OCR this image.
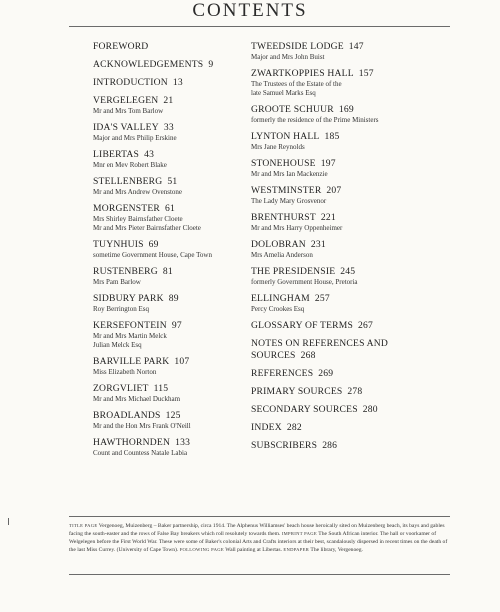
CONTENTS
FOREWORD
ACKNOWLEDGEMENTS 9
INTRODUCTION 13
VERGELEGEN 21
Mr and Mrs Tom Barlow
IDA'S VALLEY 33
Major and Mrs Philip Erskine
LIBERTAS 43
Mnr en Mev Robert Blake
STELLENBERG 51
Mr and Mrs Andrew Ovenstone
MORGENSTER 61
Mrs Shirley Bairnsfather Cloete
Mr and Mrs Pieter Bairnsfather Cloete
TUYNHUIS 69
sometime Government House, Cape Town
RUSTENBERG 81
Mrs Pam Barlow
SIDBURY PARK 89
Roy Berrington Esq
KERSEFONTEIN 97
Mr and Mrs Martin Melck
Julian Melck Esq
BARVILLE PARK 107
Miss Elizabeth Norton
ZORGVLIET 115
Mr and Mrs Michael Duckham
BROADLANDS 125
Mr and the Hon Mrs Frank O'Neill
HAWTHORNDEN 133
Count and Countess Natale Labia
TWEEDSIDE LODGE 147
Major and Mrs John Buist
ZWARTKOPPIES HALL 157
The Trustees of the Estate of the
late Samuel Marks Esq
GROOTE SCHUUR 169
formerly the residence of the Prime Ministers
LYNTON HALL 185
Mrs Jane Reynolds
STONEHOUSE 197
Mr and Mrs Ian Mackenzie
WESTMINSTER 207
The Lady Mary Grosvenor
BRENTHURST 221
Mr and Mrs Harry Oppenheimer
DOLOBRAN 231
Mrs Amelia Anderson
THE PRESIDENSIE 245
formerly Government House, Pretoria
ELLINGHAM 257
Percy Crookes Esq
GLOSSARY OF TERMS 267
NOTES ON REFERENCES AND
SOURCES 268
REFERENCES 269
PRIMARY SOURCES 278
SECONDARY SOURCES 280
INDEX 282
SUBSCRIBERS 286
TITLE PAGE Vergenoeg, Muizenberg – Baker partnership, circa 1914. The Alphenus Williamses' beach house heroically sited on Muizenberg beach, its bays and gables facing the south-easter and the rows of False Bay breakers which roll resolutely towards them. IMPRINT PAGE The South African interior. The hall or voorkamer of Welgelegen before the First World War. These were some of Baker's colonial Arts and Crafts interiors at their best, scandalously dispersed in recent times on the death of the last Miss Currey. (University of Cape Town). FOLLOWING PAGE Wall painting at Libertas. ENDPAPER The library, Vergenoeg.
